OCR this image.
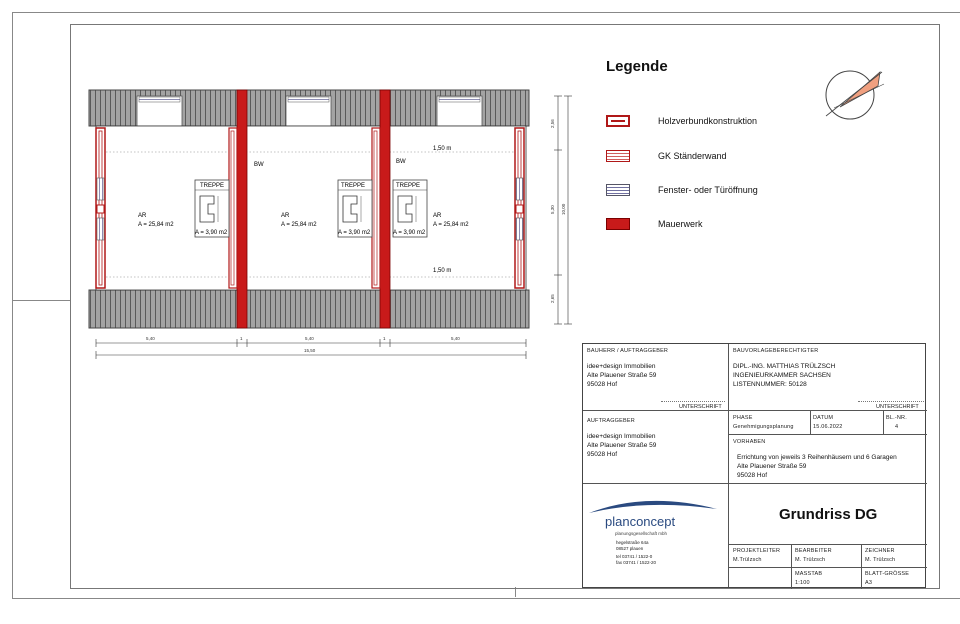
TREPPE	TREPPE	TREPPE
AR
A = 25,84 m2
AR
A = 25,84 m2
AR
A = 25,84 m2
A = 3,90 m2	A = 3,90 m2	A = 3,90 m2
BW	BW
1,50 m
1,50 m
5,40	1	5,40	1	5,40
15,50
2,56
5,30
2,65
10,00
Legende
Holzverbundkonstruktion
GK Ständerwand
Fenster- oder Türöffnung
Mauerwerk
BAUHERR / AUFTRAGGEBER
idee+design Immobilien
Alte Plauener Straße 59
95028 Hof
UNTERSCHRIFT
BAUVORLAGEBERECHTIGTER
DIPL.-ING. MATTHIAS TRÜLZSCH
INGENIEURKAMMER SACHSEN
LISTENNUMMER: 50128
UNTERSCHRIFT
AUFTRAGGEBER
idee+design Immobilien
Alte Plauener Straße 59
95028 Hof
PHASE
Genehmigungsplanung
DATUM
15.06.2022
BL.-NR.
4
VORHABEN
Errichtung von jeweils 3 Reihenhäusern und 6 Garagen
Alte Plauener Straße 59
95028 Hof
planconcept
planungsgesellschaft mbh
hegelstraße 64a
08527 plauen
tel 03741 / 1522-0
fax 03741 / 1522-20
Grundriss DG
PROJEKTLEITER
M.Trülzsch
BEARBEITER
M. Trülzsch
ZEICHNER
M. Trülzsch
MASSTAB
1:100
BLATT-GRÖSSE
A3
